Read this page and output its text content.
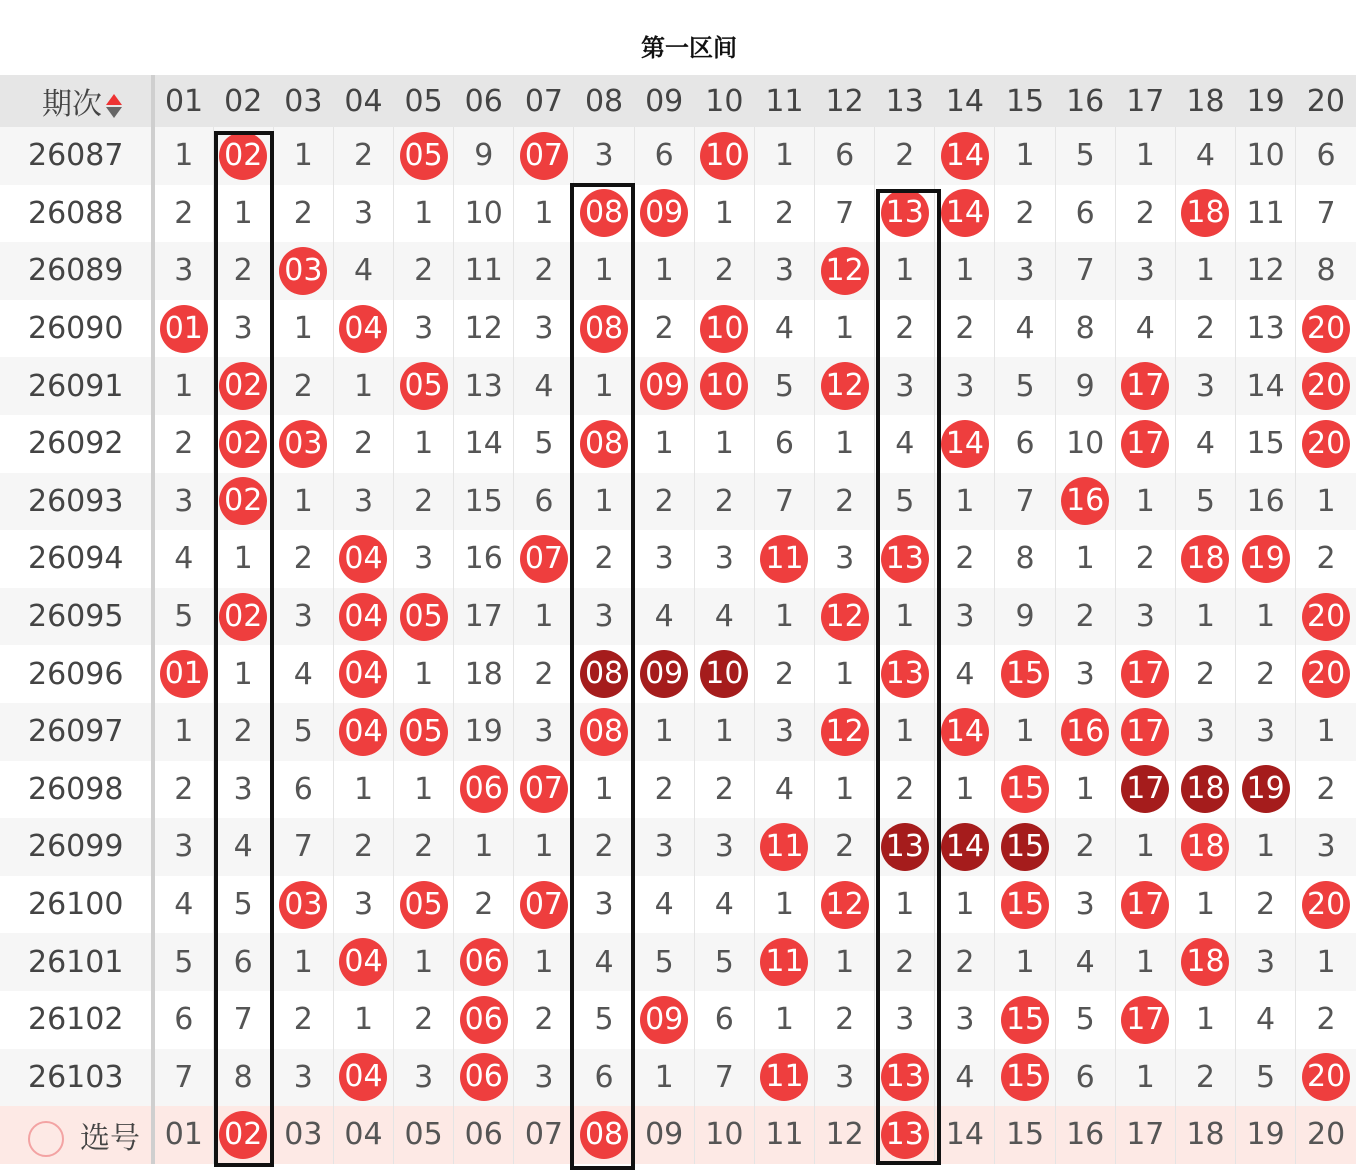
第一区间
期次	01	02	03	04	05	06	07	08	09	10	11	12	13	14	15	16	17	18	19	20
26087	1	02	1	2	05	9	07	3	6	10	1	6	2	14	1	5	1	4	10	6
26088	2	1	2	3	1	10	1	08	09	1	2	7	13	14	2	6	2	18	11	7
26089	3	2	03	4	2	11	2	1	1	2	3	12	1	1	3	7	3	1	12	8
26090	01	3	1	04	3	12	3	08	2	10	4	1	2	2	4	8	4	2	13	20
26091	1	02	2	1	05	13	4	1	09	10	5	12	3	3	5	9	17	3	14	20
26092	2	02	03	2	1	14	5	08	1	1	6	1	4	14	6	10	17	4	15	20
26093	3	02	1	3	2	15	6	1	2	2	7	2	5	1	7	16	1	5	16	1
26094	4	1	2	04	3	16	07	2	3	3	11	3	13	2	8	1	2	18	19	2
26095	5	02	3	04	05	17	1	3	4	4	1	12	1	3	9	2	3	1	1	20
26096	01	1	4	04	1	18	2	08	09	10	2	1	13	4	15	3	17	2	2	20
26097	1	2	5	04	05	19	3	08	1	1	3	12	1	14	1	16	17	3	3	1
26098	2	3	6	1	1	06	07	1	2	2	4	1	2	1	15	1	17	18	19	2
26099	3	4	7	2	2	1	1	2	3	3	11	2	13	14	15	2	1	18	1	3
26100	4	5	03	3	05	2	07	3	4	4	1	12	1	1	15	3	17	1	2	20
26101	5	6	1	04	1	06	1	4	5	5	11	1	2	2	1	4	1	18	3	1
26102	6	7	2	1	2	06	2	5	09	6	1	2	3	3	15	5	17	1	4	2
26103	7	8	3	04	3	06	3	6	1	7	11	3	13	4	15	6	1	2	5	20
选号	01	02	03	04	05	06	07	08	09	10	11	12	13	14	15	16	17	18	19	20
